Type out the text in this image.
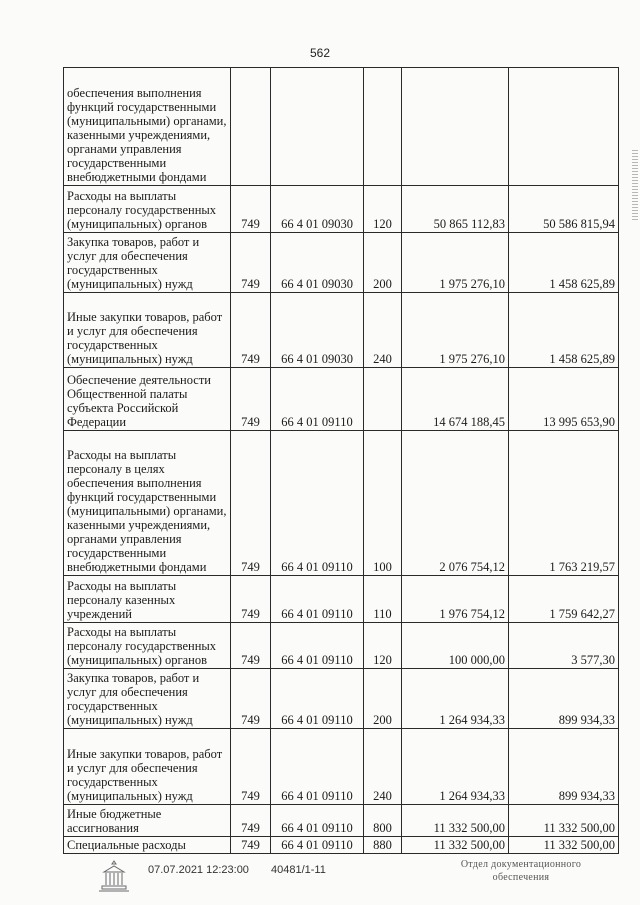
562
обеспечения выполнения функций государственными (муниципальными) органами, казенными учреждениями, органами управления государственными внебюджетными фондами					
Расходы на выплаты персоналу государственных (муниципальных) органов	749	66 4 01 09030	120	50 865 112,83	50 586 815,94
Закупка товаров, работ и услуг для обеспечения государственных (муниципальных) нужд	749	66 4 01 09030	200	1 975 276,10	1 458 625,89
Иные закупки товаров, работ и услуг для обеспечения государственных (муниципальных) нужд	749	66 4 01 09030	240	1 975 276,10	1 458 625,89
Обеспечение деятельности Общественной палаты субъекта Российской Федерации	749	66 4 01 09110		14 674 188,45	13 995 653,90
Расходы на выплаты персоналу в целях обеспечения выполнения функций государственными (муниципальными) органами, казенными учреждениями, органами управления государственными внебюджетными фондами	749	66 4 01 09110	100	2 076 754,12	1 763 219,57
Расходы на выплаты персоналу казенных учреждений	749	66 4 01 09110	110	1 976 754,12	1 759 642,27
Расходы на выплаты персоналу государственных (муниципальных) органов	749	66 4 01 09110	120	100 000,00	3 577,30
Закупка товаров, работ и услуг для обеспечения государственных (муниципальных) нужд	749	66 4 01 09110	200	1 264 934,33	899 934,33
Иные закупки товаров, работ и услуг для обеспечения государственных (муниципальных) нужд	749	66 4 01 09110	240	1 264 934,33	899 934,33
Иные бюджетные ассигнования	749	66 4 01 09110	800	11 332 500,00	11 332 500,00
Специальные расходы	749	66 4 01 09110	880	11 332 500,00	11 332 500,00
07.07.2021 12:23:00 40481/1-11	Отдел документационного обеспечения
